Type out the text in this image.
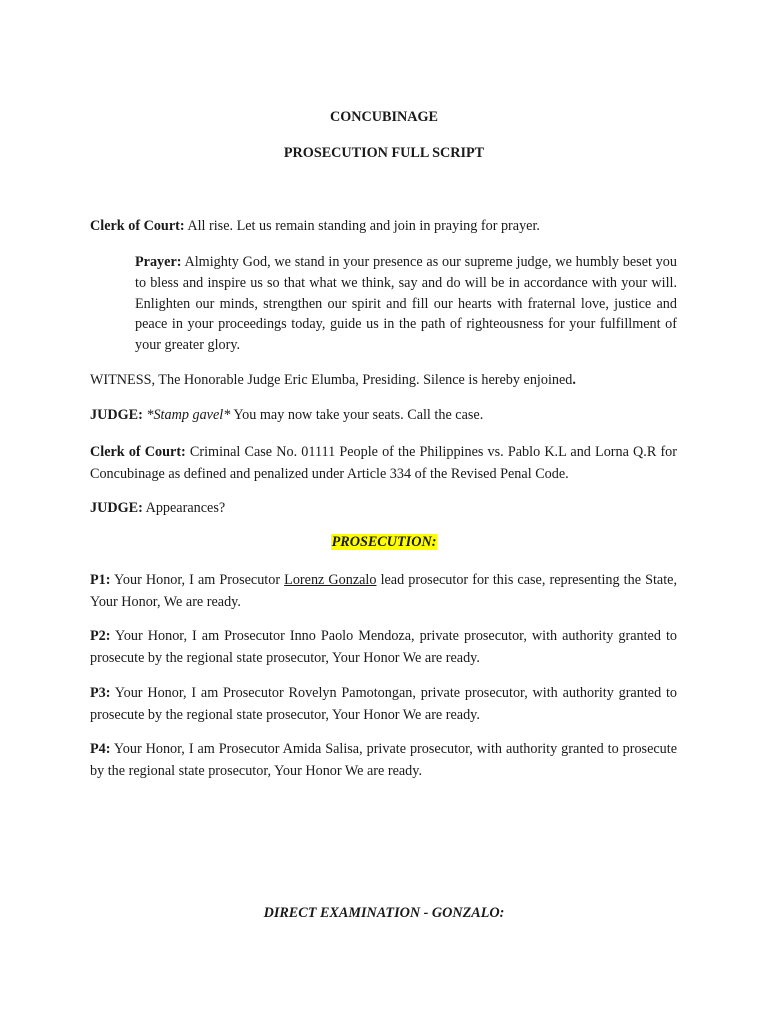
CONCUBINAGE
PROSECUTION FULL SCRIPT
Clerk of Court: All rise. Let us remain standing and join in praying for prayer.
Prayer: Almighty God, we stand in your presence as our supreme judge, we humbly beset you to bless and inspire us so that what we think, say and do will be in accordance with your will. Enlighten our minds, strengthen our spirit and fill our hearts with fraternal love, justice and peace in your proceedings today, guide us in the path of righteousness for your fulfillment of your greater glory.
WITNESS, The Honorable Judge Eric Elumba, Presiding. Silence is hereby enjoined.
JUDGE: *Stamp gavel* You may now take your seats. Call the case.
Clerk of Court: Criminal Case No. 01111 People of the Philippines vs. Pablo K.L and Lorna Q.R for Concubinage as defined and penalized under Article 334 of the Revised Penal Code.
JUDGE: Appearances?
PROSECUTION:
P1: Your Honor, I am Prosecutor Lorenz Gonzalo lead prosecutor for this case, representing the State, Your Honor, We are ready.
P2: Your Honor, I am Prosecutor Inno Paolo Mendoza, private prosecutor, with authority granted to prosecute by the regional state prosecutor, Your Honor We are ready.
P3: Your Honor, I am Prosecutor Rovelyn Pamotongan, private prosecutor, with authority granted to prosecute by the regional state prosecutor, Your Honor We are ready.
P4: Your Honor, I am Prosecutor Amida Salisa, private prosecutor, with authority granted to prosecute by the regional state prosecutor, Your Honor We are ready.
DIRECT EXAMINATION - GONZALO:
